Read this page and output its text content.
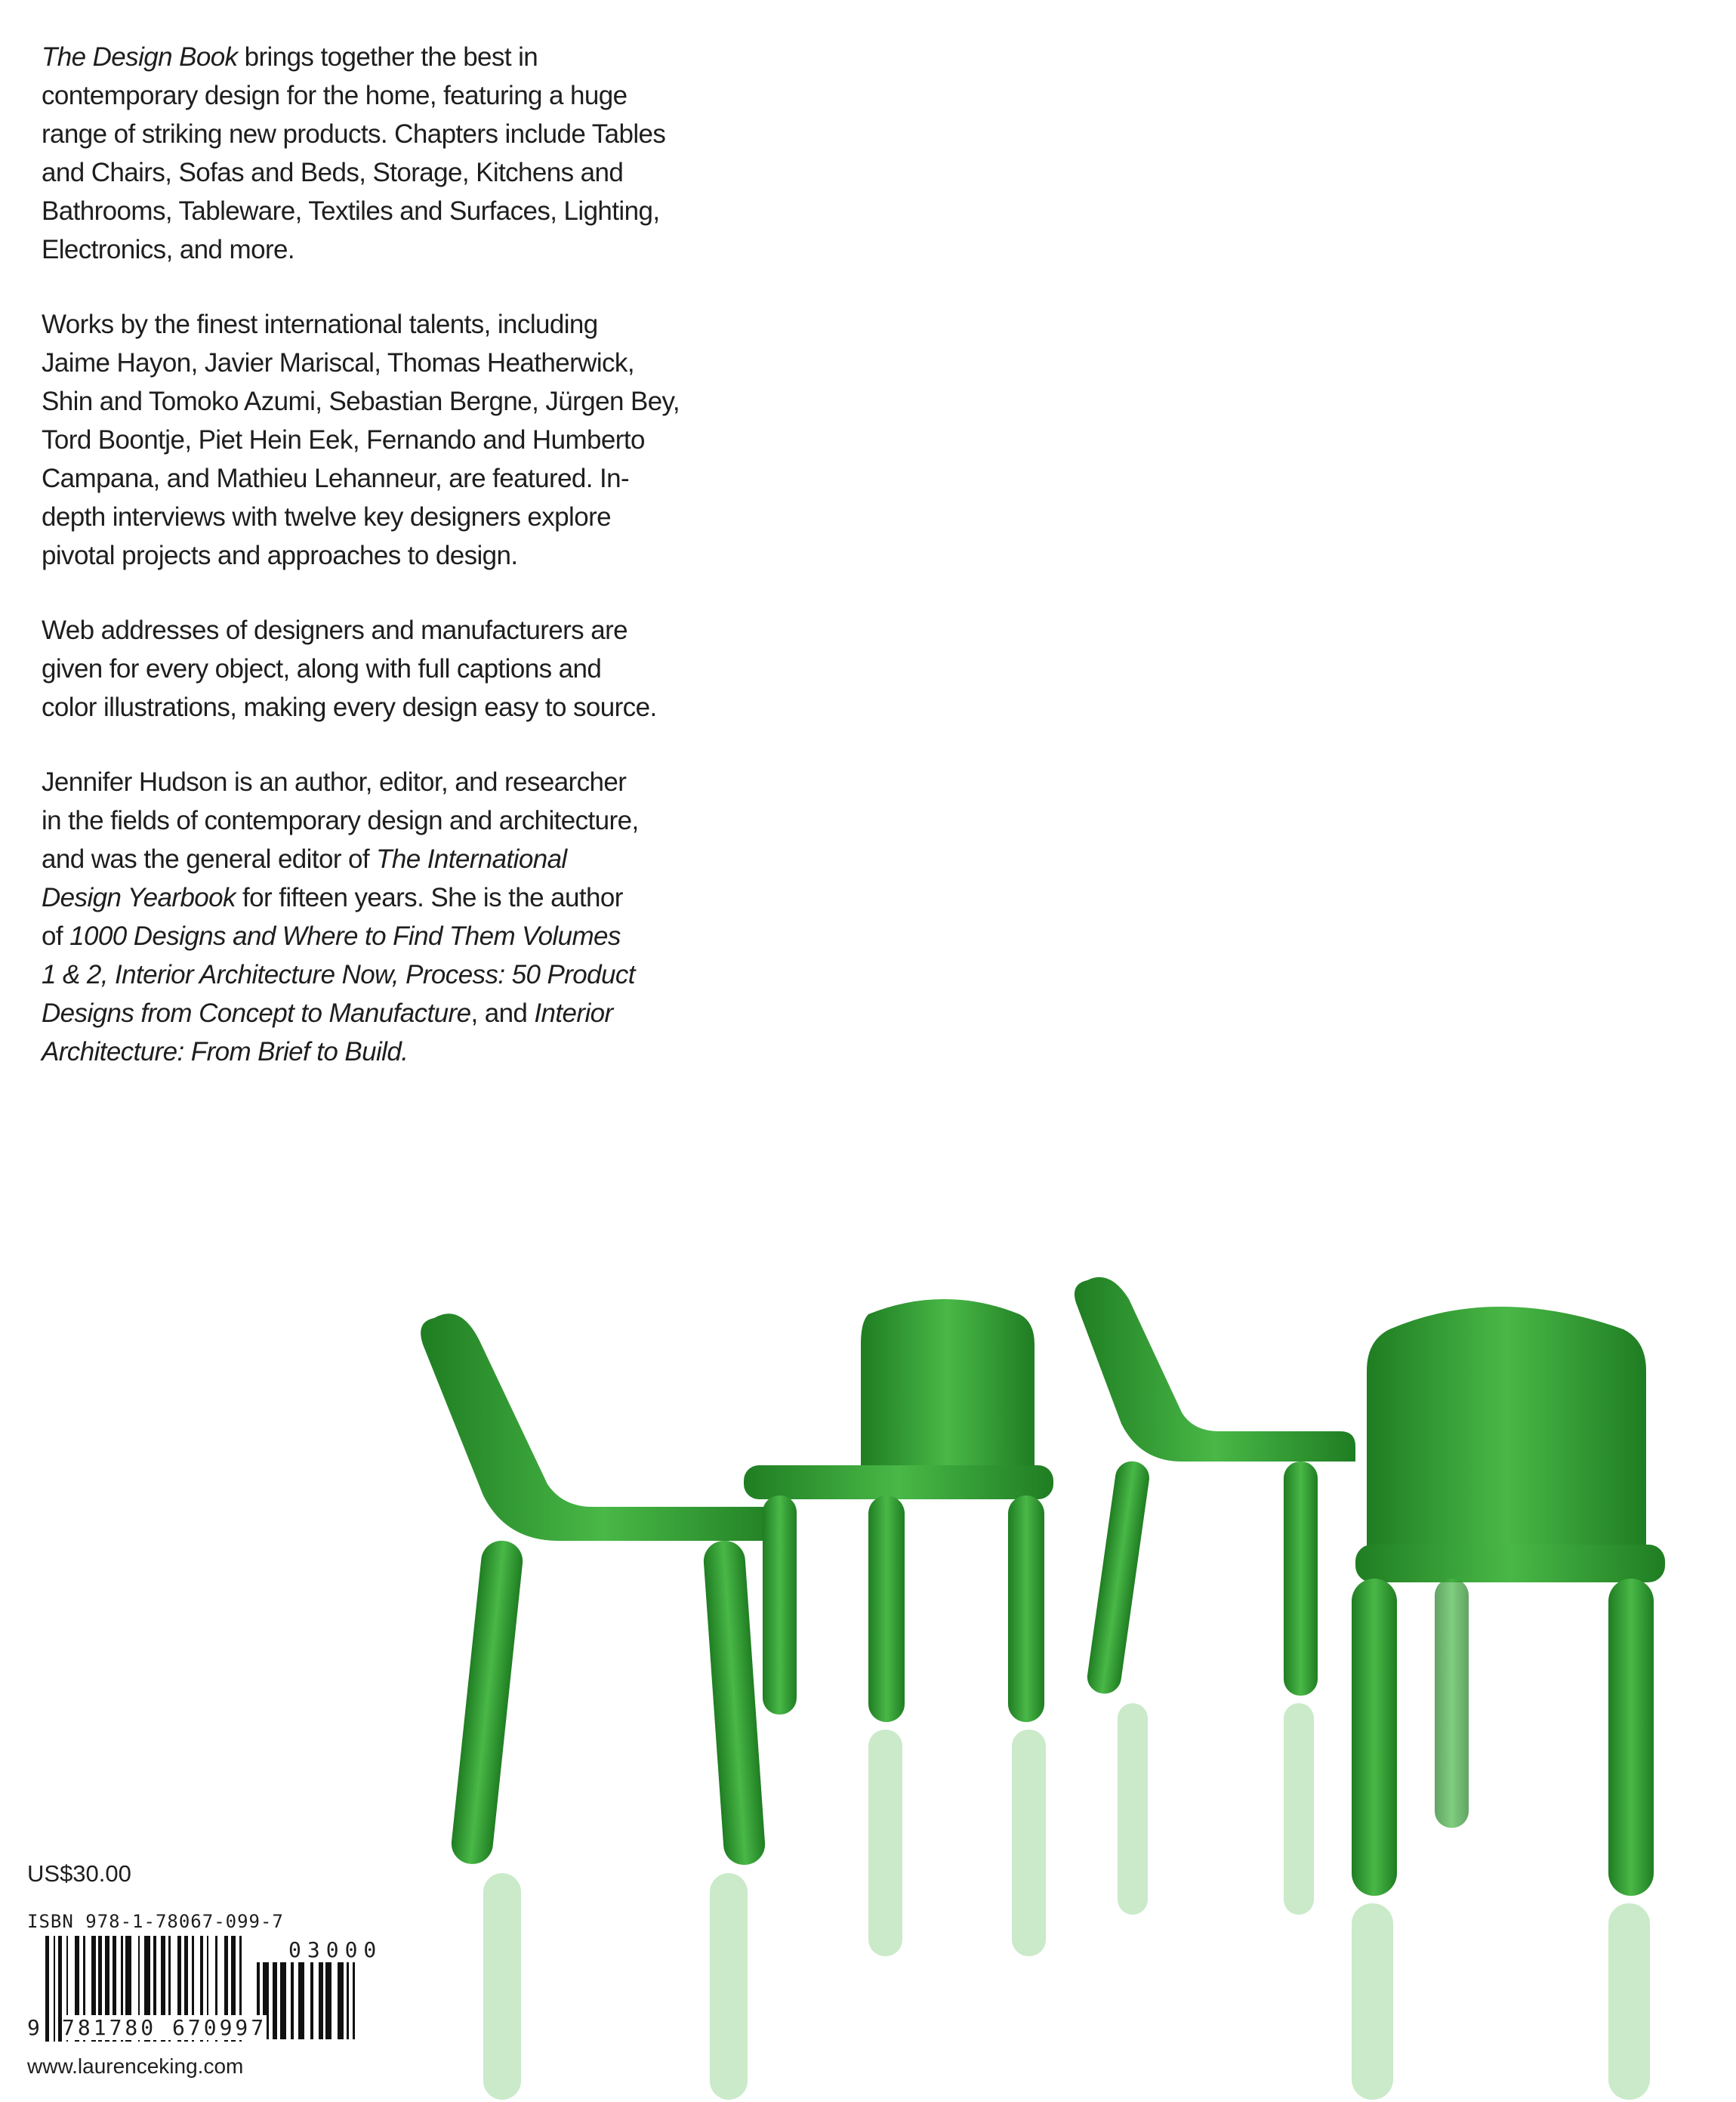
The Design Book brings together the best in
contemporary design for the home, featuring a huge
range of striking new products. Chapters include Tables
and Chairs, Sofas and Beds, Storage, Kitchens and
Bathrooms, Tableware, Textiles and Surfaces, Lighting,
Electronics, and more.
Works by the finest international talents, including
Jaime Hayon, Javier Mariscal, Thomas Heatherwick,
Shin and Tomoko Azumi, Sebastian Bergne, Jürgen Bey,
Tord Boontje, Piet Hein Eek, Fernando and Humberto
Campana, and Mathieu Lehanneur, are featured. In-
depth interviews with twelve key designers explore
pivotal projects and approaches to design.
Web addresses of designers and manufacturers are
given for every object, along with full captions and
color illustrations, making every design easy to source.
Jennifer Hudson is an author, editor, and researcher
in the fields of contemporary design and architecture,
and was the general editor of The International
Design Yearbook for fifteen years. She is the author
of 1000 Designs and Where to Find Them Volumes
1 & 2, Interior Architecture Now, Process: 50 Product
Designs from Concept to Manufacture, and Interior
Architecture: From Brief to Build.
US$30.00
ISBN 978-1-78067-099-7
9 781780 670997
03000
www.laurenceking.com
